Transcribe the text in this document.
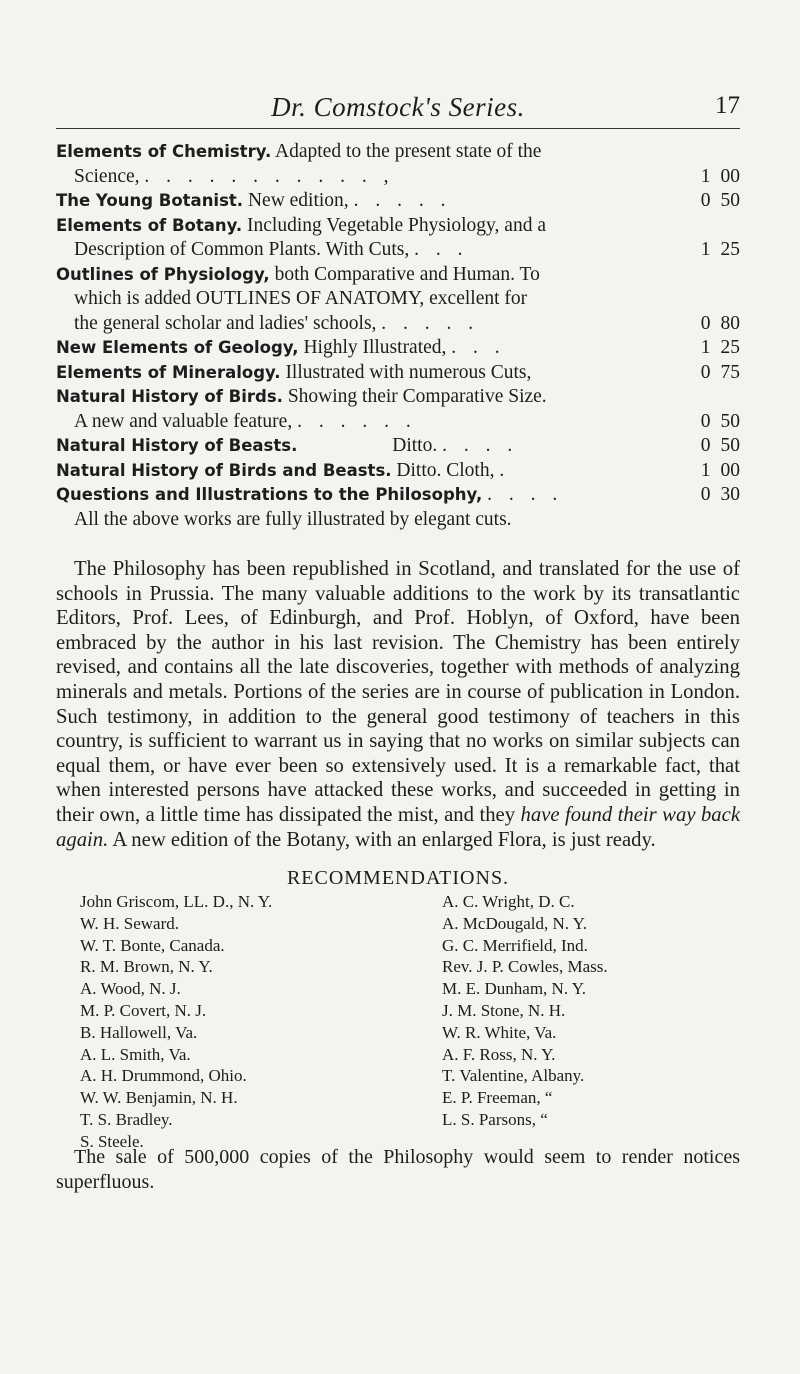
Dr. Comstock's Series.	17
Elements of Chemistry. Adapted to the present state of the
Science, . . . . . . . . . . . ,	1 00
The Young Botanist. New edition, . . . . .	0 50
Elements of Botany. Including Vegetable Physiology, and a
Description of Common Plants. With Cuts, . . .	1 25
Outlines of Physiology, both Comparative and Human. To
which is added OUTLINES OF ANATOMY, excellent for
the general scholar and ladies' schools, . . . . .	0 80
New Elements of Geology, Highly Illustrated, . . .	1 25
Elements of Mineralogy. Illustrated with numerous Cuts,	0 75
Natural History of Birds. Showing their Comparative Size.
A new and valuable feature, . . . . . .	0 50
Natural History of Beasts.	Ditto. . . . .	0 50
Natural History of Birds and Beasts. Ditto. Cloth, .	1 00
Questions and Illustrations to the Philosophy, . . . .	0 30
All the above works are fully illustrated by elegant cuts.
The Philosophy has been republished in Scotland, and translated for the use of schools in Prussia. The many valuable additions to the work by its transatlantic Editors, Prof. Lees, of Edinburgh, and Prof. Hoblyn, of Oxford, have been embraced by the author in his last revision. The Chemistry has been entirely revised, and contains all the late discoveries, together with methods of analyzing minerals and metals. Portions of the series are in course of publication in London. Such testimony, in addition to the general good testimony of teachers in this country, is sufficient to warrant us in saying that no works on similar subjects can equal them, or have ever been so extensively used. It is a remarkable fact, that when interested persons have attacked these works, and succeeded in getting in their own, a little time has dissipated the mist, and they have found their way back again. A new edition of the Botany, with an enlarged Flora, is just ready.
RECOMMENDATIONS.
John Griscom, LL. D., N. Y.
W. H. Seward.
W. T. Bonte, Canada.
R. M. Brown, N. Y.
A. Wood, N. J.
M. P. Covert, N. J.
B. Hallowell, Va.
A. L. Smith, Va.
A. H. Drummond, Ohio.
W. W. Benjamin, N. H.
T. S. Bradley.
S. Steele.
A. C. Wright, D. C.
A. McDougald, N. Y.
G. C. Merrifield, Ind.
Rev. J. P. Cowles, Mass.
M. E. Dunham, N. Y.
J. M. Stone, N. H.
W. R. White, Va.
A. F. Ross, N. Y.
T. Valentine, Albany.
E. P. Freeman, “
L. S. Parsons, “
The sale of 500,000 copies of the Philosophy would seem to render notices superfluous.
